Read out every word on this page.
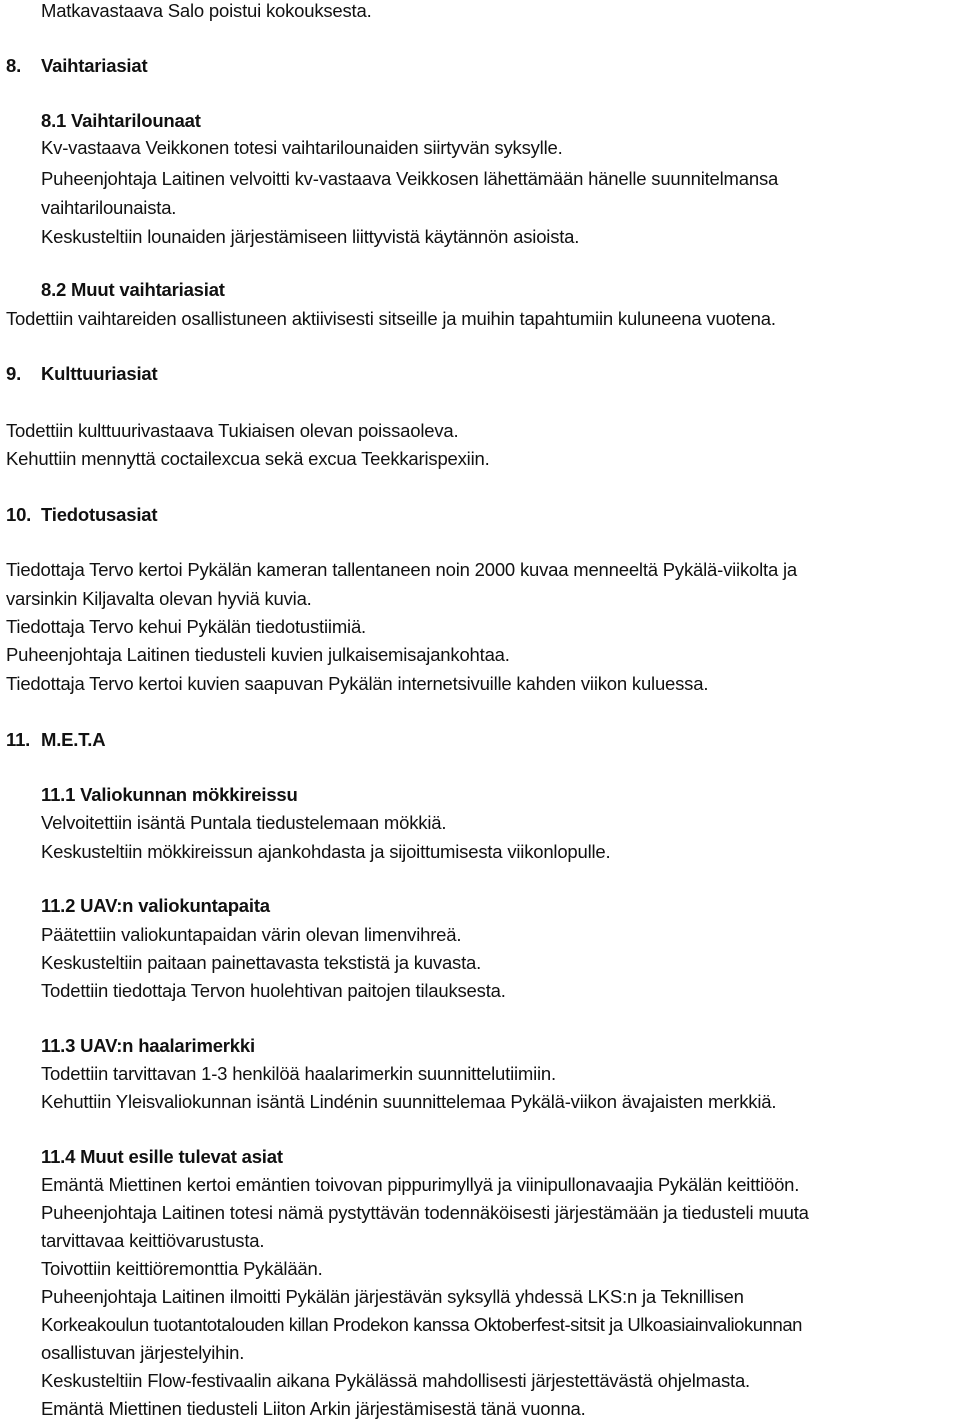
Matkavastaava Salo poistui kokouksesta.
8. Vaihtariasiat
8.1 Vaihtarilounaat
Kv-vastaava Veikkonen totesi vaihtarilounaiden siirtyvän syksylle.
Puheenjohtaja Laitinen velvoitti kv-vastaava Veikkosen lähettämään hänelle suunnitelmansa
vaihtarilounaista.
Keskusteltiin lounaiden järjestämiseen liittyvistä käytännön asioista.
8.2 Muut vaihtariasiat
Todettiin vaihtareiden osallistuneen aktiivisesti sitseille ja muihin tapahtumiin kuluneena vuotena.
9. Kulttuuriasiat
Todettiin kulttuurivastaava Tukiaisen olevan poissaoleva.
Kehuttiin mennyttä coctailexcua sekä excua Teekkarispexiin.
10. Tiedotusasiat
Tiedottaja Tervo kertoi Pykälän kameran tallentaneen noin 2000 kuvaa menneeltä Pykälä-viikolta ja
varsinkin Kiljavalta olevan hyviä kuvia.
Tiedottaja Tervo kehui Pykälän tiedotustiimiä.
Puheenjohtaja Laitinen tiedusteli kuvien julkaisemisajankohtaa.
Tiedottaja Tervo kertoi kuvien saapuvan Pykälän internetsivuille kahden viikon kuluessa.
11. M.E.T.A
11.1 Valiokunnan mökkireissu
Velvoitettiin isäntä Puntala tiedustelemaan mökkiä.
Keskusteltiin mökkireissun ajankohdasta ja sijoittumisesta viikonlopulle.
11.2 UAV:n valiokuntapaita
Päätettiin valiokuntapaidan värin olevan limenvihreä.
Keskusteltiin paitaan painettavasta tekstistä ja kuvasta.
Todettiin tiedottaja Tervon huolehtivan paitojen tilauksesta.
11.3 UAV:n haalarimerkki
Todettiin tarvittavan 1-3 henkilöä haalarimerkin suunnittelutiimiin.
Kehuttiin Yleisvaliokunnan isäntä Lindénin suunnittelemaa Pykälä-viikon ävajaisten merkkiä.
11.4 Muut esille tulevat asiat
Emäntä Miettinen kertoi emäntien toivovan pippurimyllyä ja viinipullonavaajia Pykälän keittiöön.
Puheenjohtaja Laitinen totesi nämä pystyttävän todennäköisesti järjestämään ja tiedusteli muuta
tarvittavaa keittiövarustusta.
Toivottiin keittiöremonttia Pykälään.
Puheenjohtaja Laitinen ilmoitti Pykälän järjestävän syksyllä yhdessä LKS:n ja Teknillisen
Korkeakoulun tuotantotalouden killan Prodekon kanssa Oktoberfest-sitsit ja Ulkoasiainvaliokunnan
osallistuvan järjestelyihin.
Keskusteltiin Flow-festivaalin aikana Pykälässä mahdollisesti järjestettävästä ohjelmasta.
Emäntä Miettinen tiedusteli Liiton Arkin järjestämisestä tänä vuonna.
